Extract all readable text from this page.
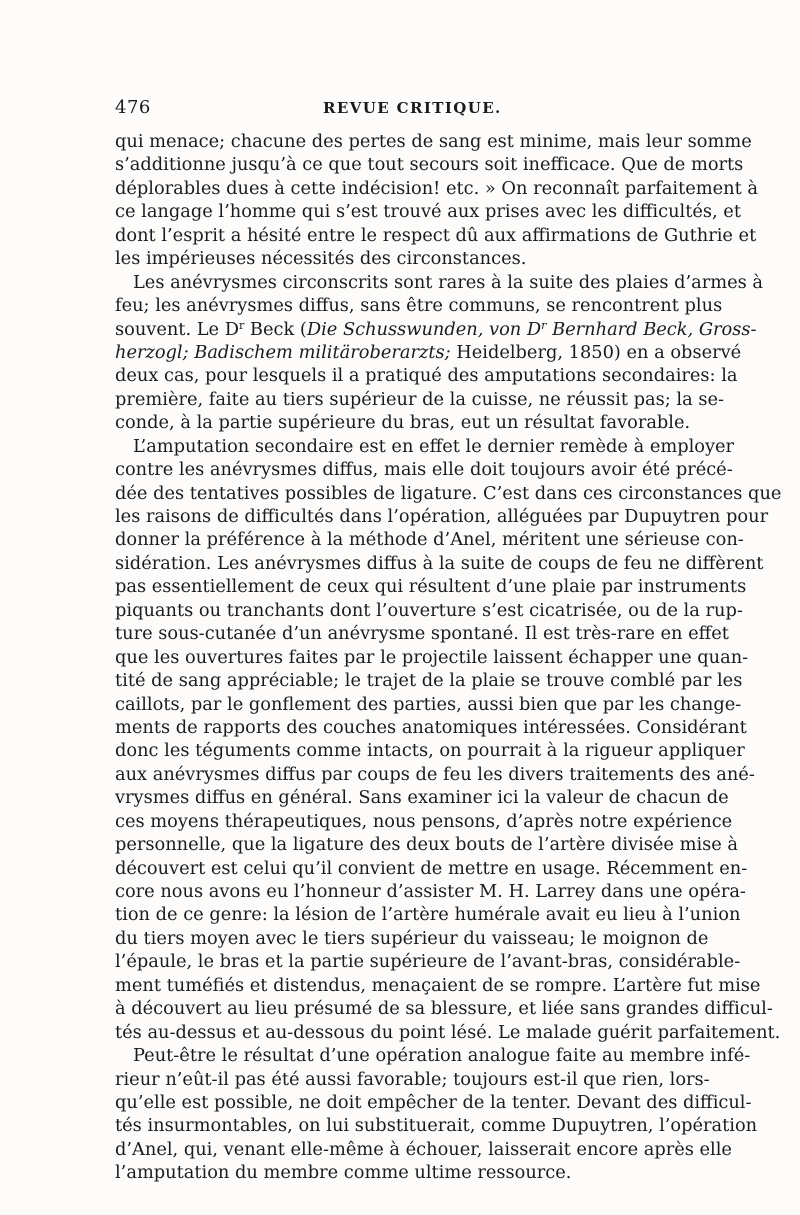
476	REVUE CRITIQUE.
qui menace; chacune des pertes de sang est minime, mais leur somme
s’additionne jusqu’à ce que tout secours soit inefficace. Que de morts
déplorables dues à cette indécision! etc. » On reconnaît parfaitement à
ce langage l’homme qui s’est trouvé aux prises avec les difficultés, et
dont l’esprit a hésité entre le respect dû aux affirmations de Guthrie et
les impérieuses nécessités des circonstances.
Les anévrysmes circonscrits sont rares à la suite des plaies d’armes à
feu; les anévrysmes diffus, sans être communs, se rencontrent plus
souvent. Le $D^r$ Beck (Die Schusswunden, von $D^r$ Bernhard Beck, Gross-
herzogl; Badischem militäroberarzts; Heidelberg, 1850) en a observé
deux cas, pour lesquels il a pratiqué des amputations secondaires: la
première, faite au tiers supérieur de la cuisse, ne réussit pas; la se-
conde, à la partie supérieure du bras, eut un résultat favorable.
L’amputation secondaire est en effet le dernier remède à employer
contre les anévrysmes diffus, mais elle doit toujours avoir été précé-
dée des tentatives possibles de ligature. C’est dans ces circonstances que
les raisons de difficultés dans l’opération, alléguées par Dupuytren pour
donner la préférence à la méthode d’Anel, méritent une sérieuse con-
sidération. Les anévrysmes diffus à la suite de coups de feu ne diffèrent
pas essentiellement de ceux qui résultent d’une plaie par instruments
piquants ou tranchants dont l’ouverture s’est cicatrisée, ou de la rup-
ture sous-cutanée d’un anévrysme spontané. Il est très-rare en effet
que les ouvertures faites par le projectile laissent échapper une quan-
tité de sang appréciable; le trajet de la plaie se trouve comblé par les
caillots, par le gonflement des parties, aussi bien que par les change-
ments de rapports des couches anatomiques intéressées. Considérant
donc les téguments comme intacts, on pourrait à la rigueur appliquer
aux anévrysmes diffus par coups de feu les divers traitements des ané-
vrysmes diffus en général. Sans examiner ici la valeur de chacun de
ces moyens thérapeutiques, nous pensons, d’après notre expérience
personnelle, que la ligature des deux bouts de l’artère divisée mise à
découvert est celui qu’il convient de mettre en usage. Récemment en-
core nous avons eu l’honneur d’assister M. H. Larrey dans une opéra-
tion de ce genre: la lésion de l’artère humérale avait eu lieu à l’union
du tiers moyen avec le tiers supérieur du vaisseau; le moignon de
l’épaule, le bras et la partie supérieure de l’avant-bras, considérable-
ment tuméfiés et distendus, menaçaient de se rompre. L’artère fut mise
à découvert au lieu présumé de sa blessure, et liée sans grandes difficul-
tés au-dessus et au-dessous du point lésé. Le malade guérit parfaitement.
Peut-être le résultat d’une opération analogue faite au membre infé-
rieur n’eût-il pas été aussi favorable; toujours est-il que rien, lors-
qu’elle est possible, ne doit empêcher de la tenter. Devant des difficul-
tés insurmontables, on lui substituerait, comme Dupuytren, l’opération
d’Anel, qui, venant elle-même à échouer, laisserait encore après elle
l’amputation du membre comme ultime ressource.
